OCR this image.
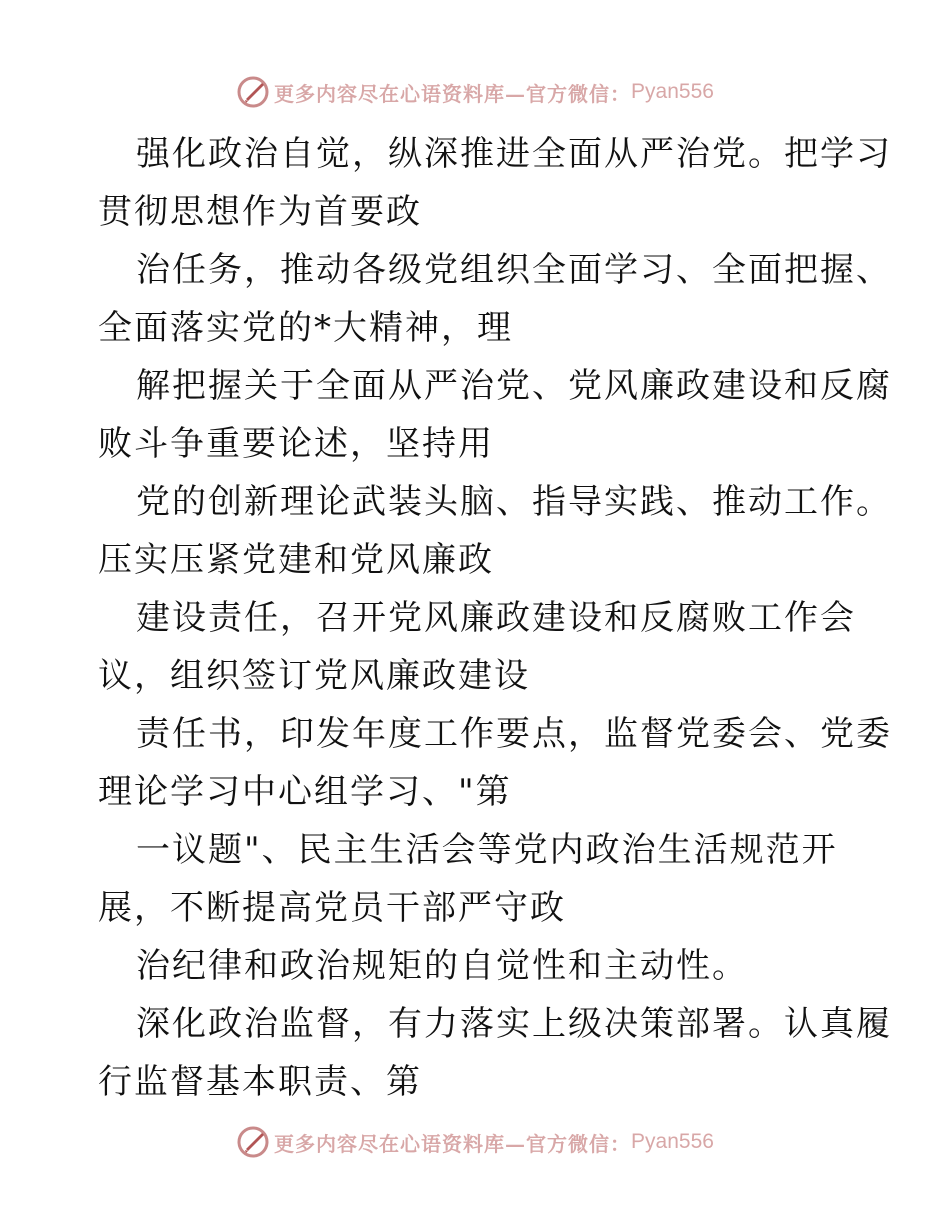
更多内容尽在心语资料库—官方微信： Pyan556
强化政治自觉，纵深推进全面从严治党。把学习
贯彻思想作为首要政
治任务，推动各级党组织全面学习、全面把握、
全面落实党的*大精神，理
解把握关于全面从严治党、党风廉政建设和反腐
败斗争重要论述，坚持用
党的创新理论武装头脑、指导实践、推动工作。
压实压紧党建和党风廉政
建设责任，召开党风廉政建设和反腐败工作会
议，组织签订党风廉政建设
责任书，印发年度工作要点，监督党委会、党委
理论学习中心组学习、"第
一议题"、民主生活会等党内政治生活规范开
展，不断提高党员干部严守政
治纪律和政治规矩的自觉性和主动性。
深化政治监督，有力落实上级决策部署。认真履
行监督基本职责、第
更多内容尽在心语资料库—官方微信： Pyan556
